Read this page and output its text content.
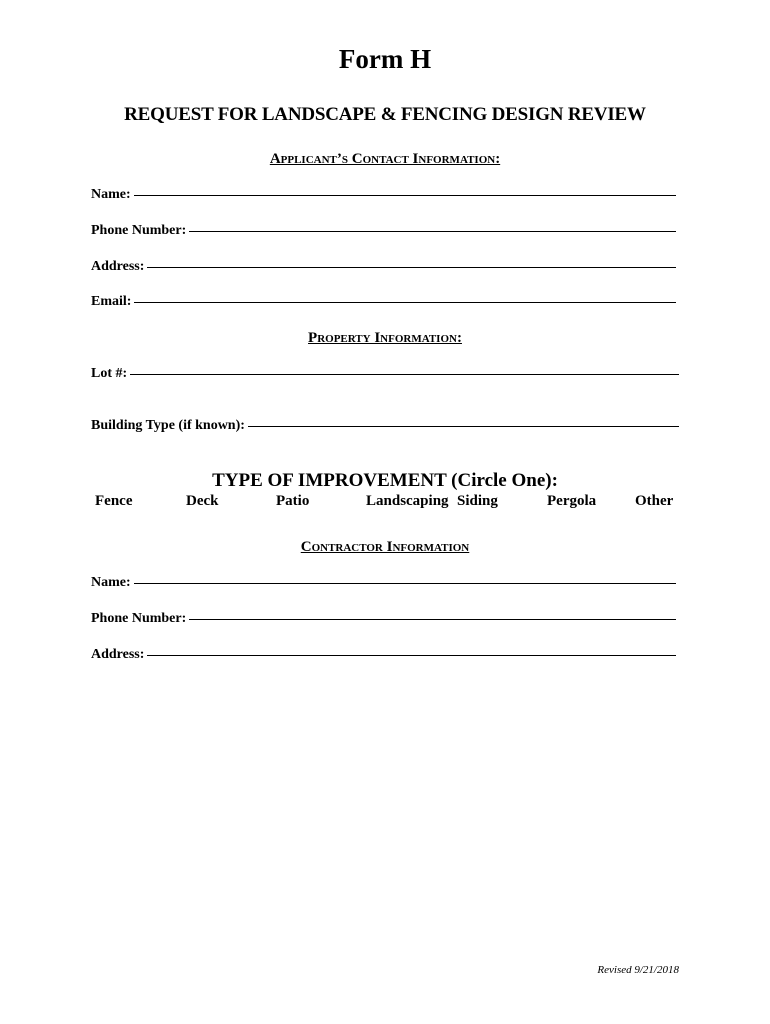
Form H
REQUEST FOR LANDSCAPE & FENCING DESIGN REVIEW
Applicant’s Contact Information:
Name:
Phone Number:
Address:
Email:
Property Information:
Lot #:
Building Type (if known):
TYPE OF IMPROVEMENT (Circle One):
Fence	Deck	Patio	Landscaping Siding	Pergola	Other
Contractor Information
Name:
Phone Number:
Address:
Revised 9/21/2018
